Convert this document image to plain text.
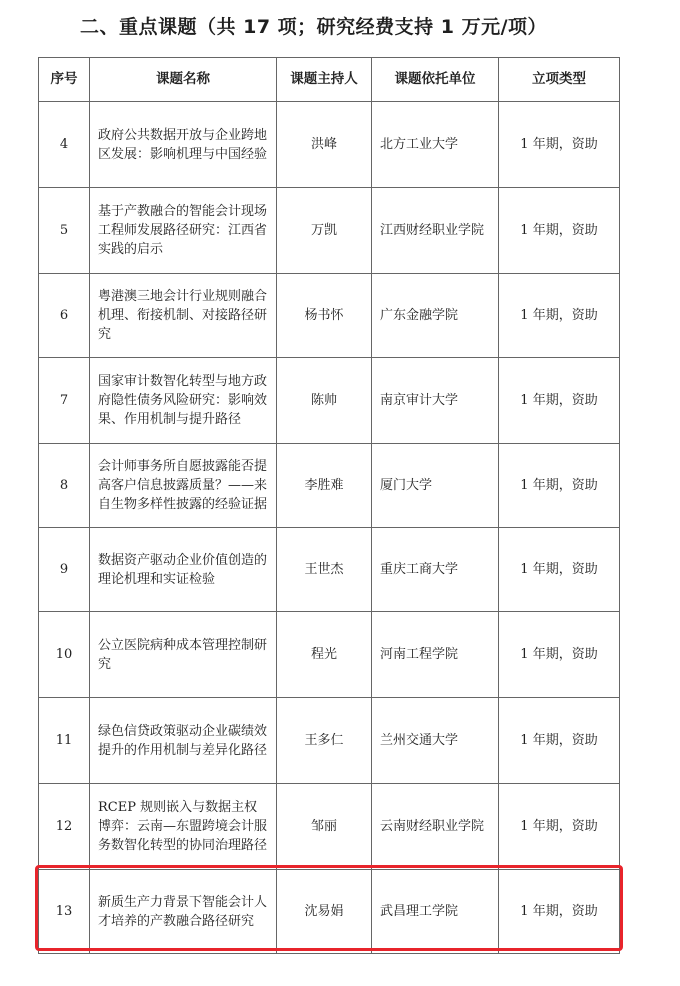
二、重点课题（共 17 项；研究经费支持 1 万元/项）
序号	课题名称	课题主持人	课题依托单位	立项类型
4	政府公共数据开放与企业跨地区发展：影响机理与中国经验	洪峰	北方工业大学	1 年期，资助
5	基于产教融合的智能会计现场工程师发展路径研究：江西省实践的启示	万凯	江西财经职业学院	1 年期，资助
6	粤港澳三地会计行业规则融合机理、衔接机制、对接路径研究	杨书怀	广东金融学院	1 年期，资助
7	国家审计数智化转型与地方政府隐性债务风险研究：影响效果、作用机制与提升路径	陈帅	南京审计大学	1 年期，资助
8	会计师事务所自愿披露能否提高客户信息披露质量？——来自生物多样性披露的经验证据	李胜难	厦门大学	1 年期，资助
9	数据资产驱动企业价值创造的理论机理和实证检验	王世杰	重庆工商大学	1 年期，资助
10	公立医院病种成本管理控制研究	程光	河南工程学院	1 年期，资助
11	绿色信贷政策驱动企业碳绩效提升的作用机制与差异化路径	王多仁	兰州交通大学	1 年期，资助
12	RCEP 规则嵌入与数据主权博弈：云南—东盟跨境会计服务数智化转型的协同治理路径	邹丽	云南财经职业学院	1 年期，资助
13	新质生产力背景下智能会计人才培养的产教融合路径研究	沈易娟	武昌理工学院	1 年期，资助
